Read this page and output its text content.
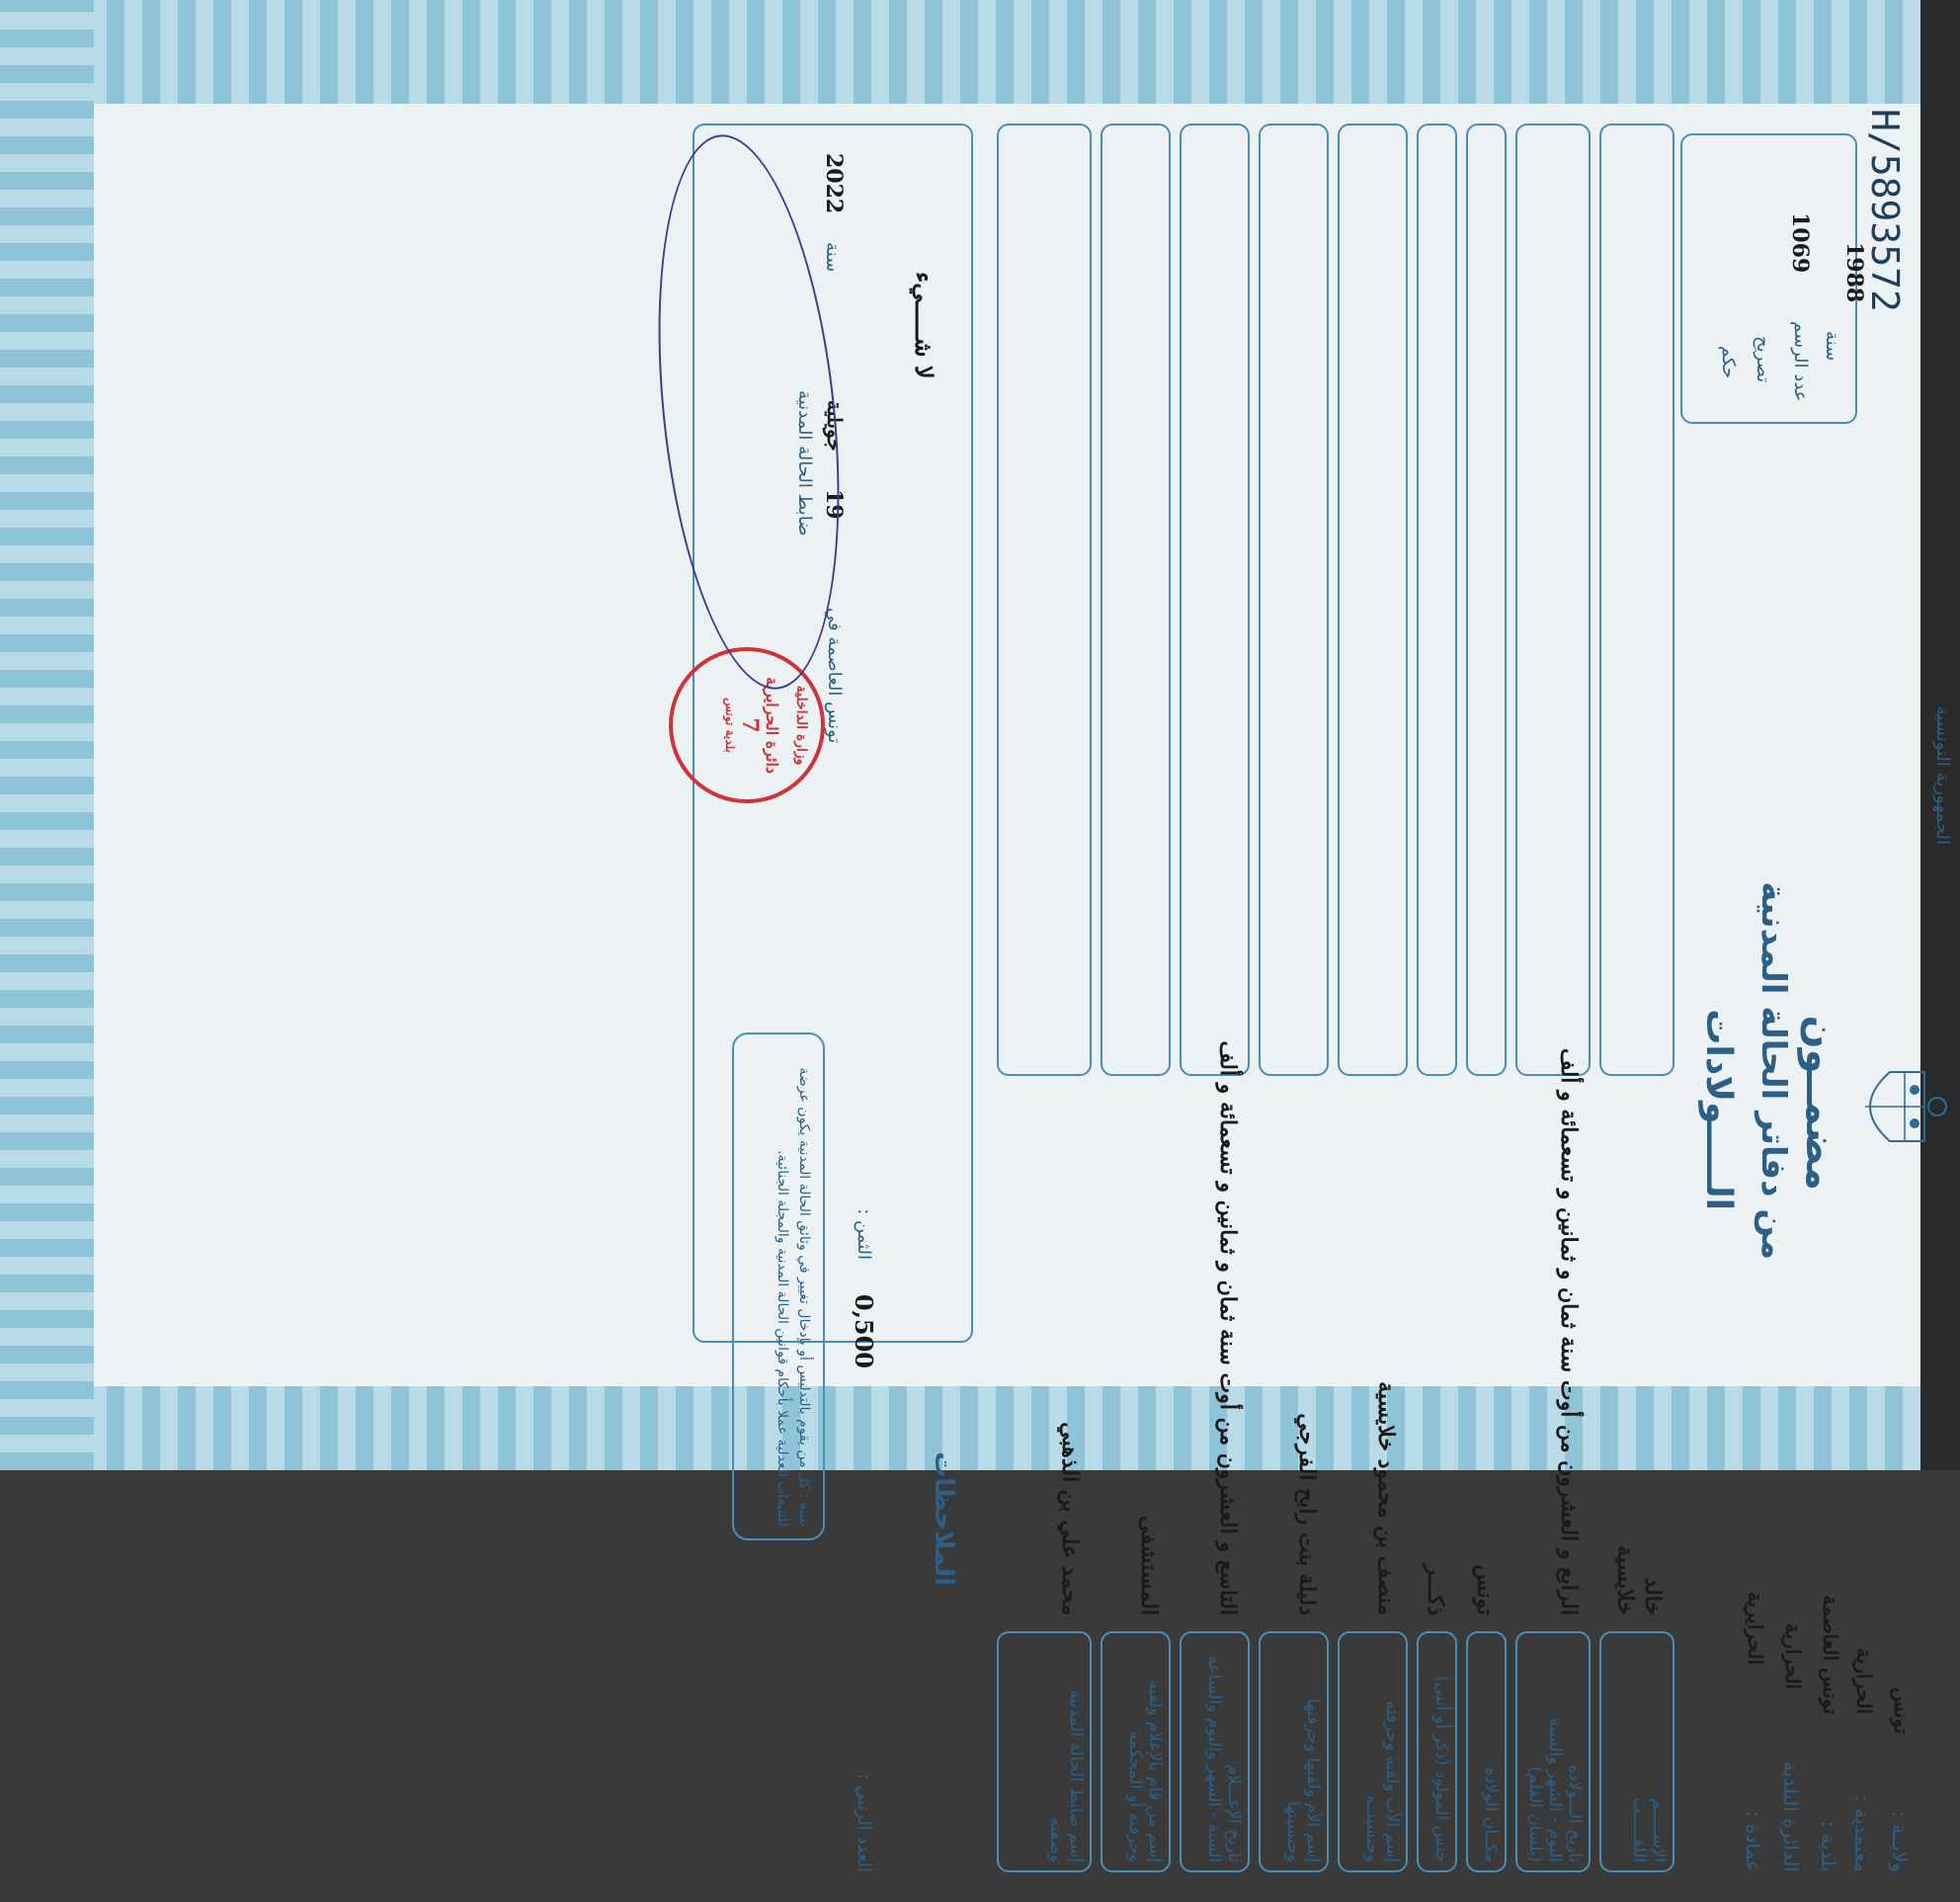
الجمهورية التونسية
ولايــة :
تونس
معتمدية :
الحرارية
بلدية :
تونس العاصمة
الدائرة البلدية
الحرارية
عمادة :
الحرايرية
مضمــون
من دفاتر الحالة المدنية
الـــــولادات
H/5893572
سنة
1988
عدد الرسم
1069
تصريح
حكم
الإســـــم
اللقـــــب
خالد
خلايسية
تاريخ الـــولادة
اليوم - الشهر والسنة
(بلسان القلم)
الرابع و العشرون من أوت سنة ثمان و ثمانين و تسعمائة و ألف
مكــان الولادة
تونس
جنس المولود (ذكر أو أنثى)
ذكـــر
إسم الأب ولقبه وحرفته
وجنسيتــه
منصف بن محمود خلايسية
إسم الأم ولقبها وحرفتها
وجنسيتها
دليلة بنت رابح الفرجي
تاريخ الإعـــلام
السنة - الشهر واليوم والساعة
التاسع و العشرون من أوت سنة ثمان و ثمانين و تسعمائة و ألف
إسم من قام بالإعلام ولقبه
وحرفته أو المحكمة
المستشفى
إسم ضابط الحالة المدنية
وصفته
محمد علي بن الذهبي
الملاحظات
لا شـــــيء
تونس العاصمة في
19
جويلية
سنة
2022
ضابط الحالة المدنية
الثمن :
0,500
العدد الرتبي :
تنبيه : كل من يقوم بالتدليس أو بإدخال تغيير في وثائق الحالة المدنية يكون عرضة للتتبعات العدلية عملا بأحكام قوانين الحالة المدنية والمجلة الجنائية.
وزارة الداخلية
دائرة الحرايرية
7
بلدية تونس
